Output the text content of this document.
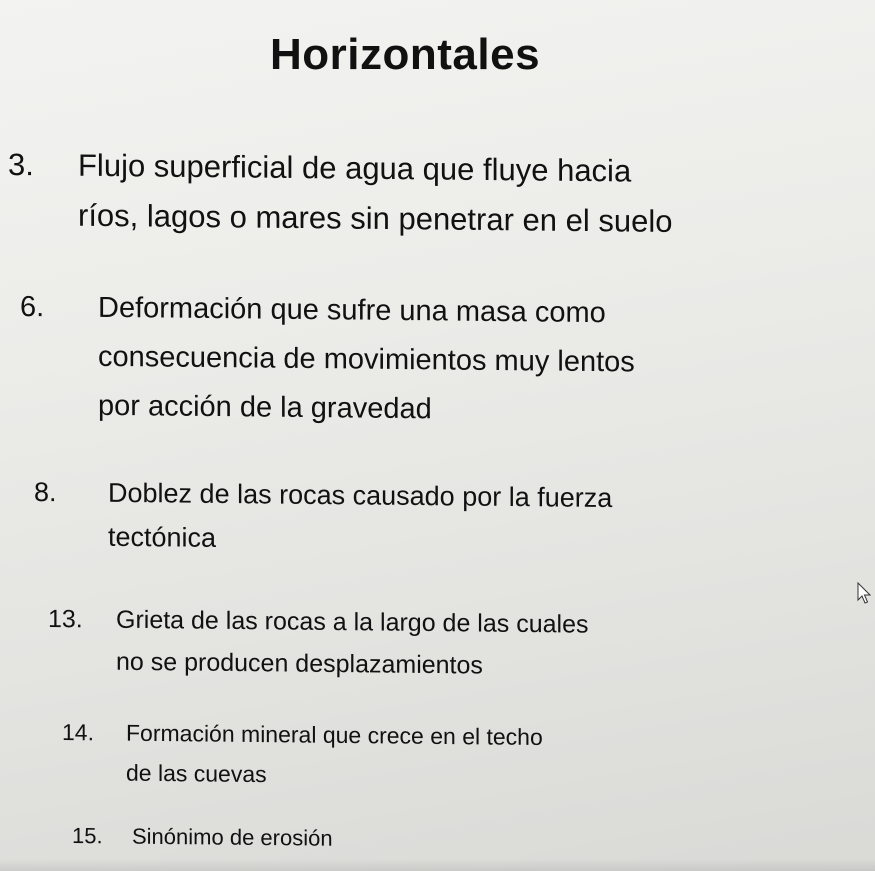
Horizontales
3. Flujo superficial de agua que fluye hacia
ríos, lagos o mares sin penetrar en el suelo
6. Deformación que sufre una masa como
consecuencia de movimientos muy lentos
por acción de la gravedad
8. Doblez de las rocas causado por la fuerza
tectónica
13. Grieta de las rocas a la largo de las cuales
no se producen desplazamientos
14. Formación mineral que crece en el techo
de las cuevas
15. Sinónimo de erosión
